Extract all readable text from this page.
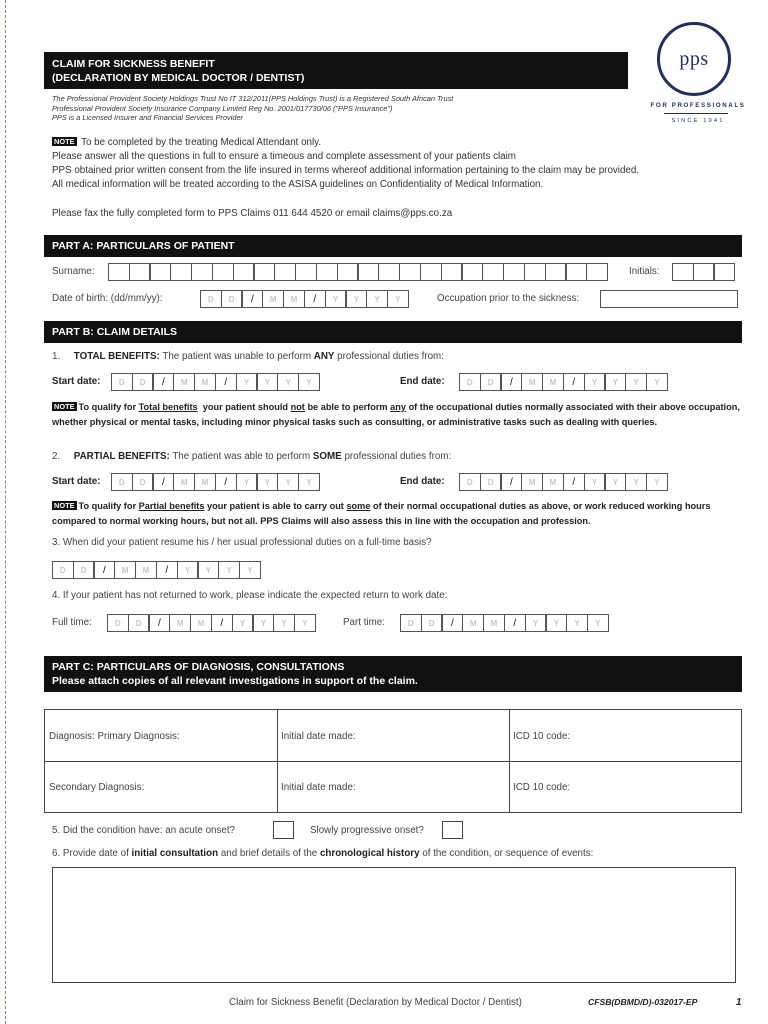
CLAIM FOR SICKNESS BENEFIT
(DECLARATION BY MEDICAL DOCTOR / DENTIST)
The Professional Provident Society Holdings Trust No IT 312/2011(PPS Holdings Trust) is a Registered South African Trust
Professional Provident Society Insurance Company Limited Reg No. 2001/017730/06 ("PPS Insurance")
PPS is a Licensed Insurer and Financial Services Provider
pps
FOR PROFESSIONALS
SINCE 1941
NOTE To be completed by the treating Medical Attendant only.
Please answer all the questions in full to ensure a timeous and complete assessment of your patients claim
PPS obtained prior written consent from the life insured in terms whereof additional information pertaining to the claim may be provided.
All medical information will be treated according to the ASISA guidelines on Confidentiality of Medical Information.
Please fax the fully completed form to PPS Claims 011 644 4520 or email claims@pps.co.za
PART A: PARTICULARS OF PATIENT
Surname:	Initials:
Date of birth: (dd/mm/yy):	D	D	/	M	M	/	Y	Y	Y	Y	Occupation prior to the sickness:
PART B: CLAIM DETAILS
1. TOTAL BENEFITS: The patient was unable to perform ANY professional duties from:
Start date:	D	D	/	M	M	/	Y	Y	Y	Y	End date:	D	D	/	M	M	/	Y	Y	Y	Y
NOTE To qualify for Total benefits your patient should not be able to perform any of the occupational duties normally associated with their above occupation, whether physical or mental tasks, including minor physical tasks such as consulting, or administrative tasks such as dealing with queries.
2. PARTIAL BENEFITS: The patient was able to perform SOME professional duties from:
Start date:	D	D	/	M	M	/	Y	Y	Y	Y	End date:	D	D	/	M	M	/	Y	Y	Y	Y
NOTE To qualify for Partial benefits your patient is able to carry out some of their normal occupational duties as above, or work reduced working hours compared to normal working hours, but not all. PPS Claims will also assess this in line with the occupation and profession.
3. When did your patient resume his / her usual professional duties on a full-time basis?
D	D	/	M	M	/	Y	Y	Y	Y
4. If your patient has not returned to work, please indicate the expected return to work date:
Full time:	D	D	/	M	M	/	Y	Y	Y	Y	Part time:	D	D	/	M	M	/	Y	Y	Y	Y
PART C: PARTICULARS OF DIAGNOSIS, CONSULTATIONS
Please attach copies of all relevant investigations in support of the claim.
Diagnosis: Primary Diagnosis:	Initial date made:	ICD 10 code:
Secondary Diagnosis:	Initial date made:	ICD 10 code:
5. Did the condition have: an acute onset?	Slowly progressive onset?
6. Provide date of initial consultation and brief details of the chronological history of the condition, or sequence of events:
Claim for Sickness Benefit (Declaration by Medical Doctor / Dentist)	CFSB(DBMD/D)-032017-EP	1
